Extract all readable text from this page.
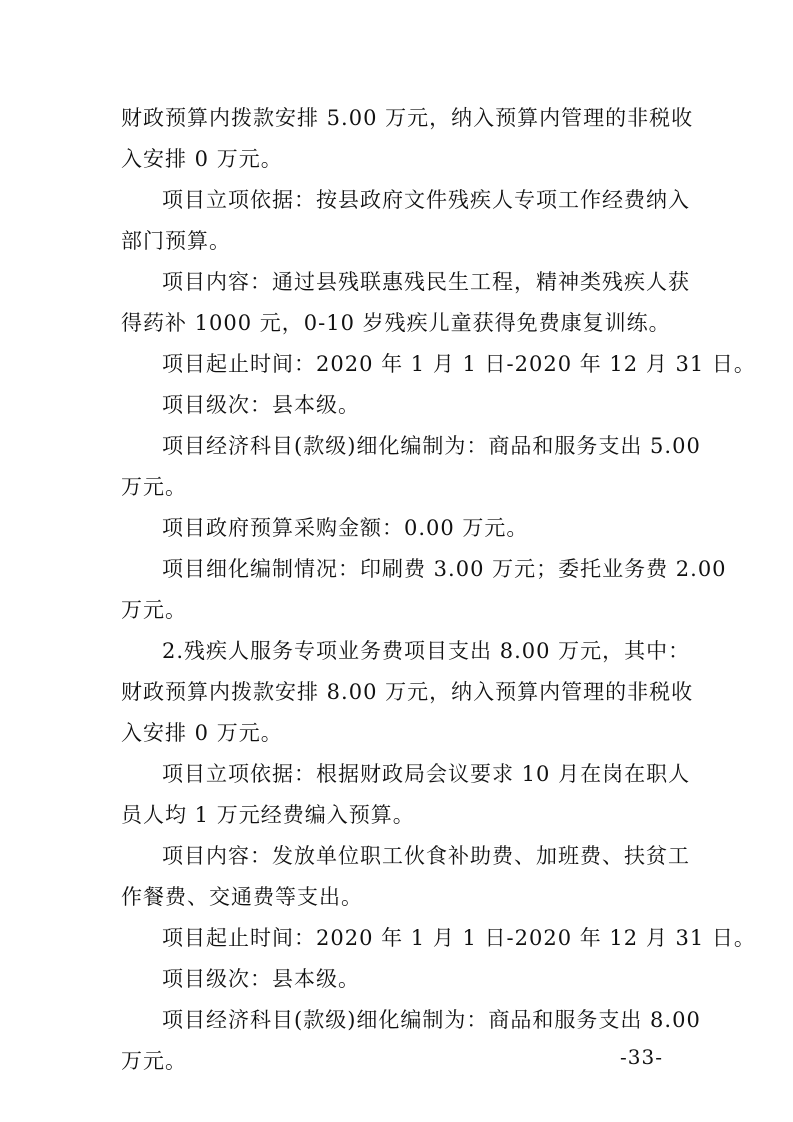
财政预算内拨款安排 5.00 万元，纳入预算内管理的非税收
入安排 0 万元。
项目立项依据：按县政府文件残疾人专项工作经费纳入
部门预算。
项目内容：通过县残联惠残民生工程，精神类残疾人获
得药补 1000 元，0-10 岁残疾儿童获得免费康复训练。
项目起止时间：2020 年 1 月 1 日-2020 年 12 月 31 日。
项目级次：县本级。
项目经济科目(款级)细化编制为：商品和服务支出 5.00
万元。
项目政府预算采购金额：0.00 万元。
项目细化编制情况：印刷费 3.00 万元；委托业务费 2.00
万元。
2.残疾人服务专项业务费项目支出 8.00 万元，其中：
财政预算内拨款安排 8.00 万元，纳入预算内管理的非税收
入安排 0 万元。
项目立项依据：根据财政局会议要求 10 月在岗在职人
员人均 1 万元经费编入预算。
项目内容：发放单位职工伙食补助费、加班费、扶贫工
作餐费、交通费等支出。
项目起止时间：2020 年 1 月 1 日-2020 年 12 月 31 日。
项目级次：县本级。
项目经济科目(款级)细化编制为：商品和服务支出 8.00
万元。	-33-
